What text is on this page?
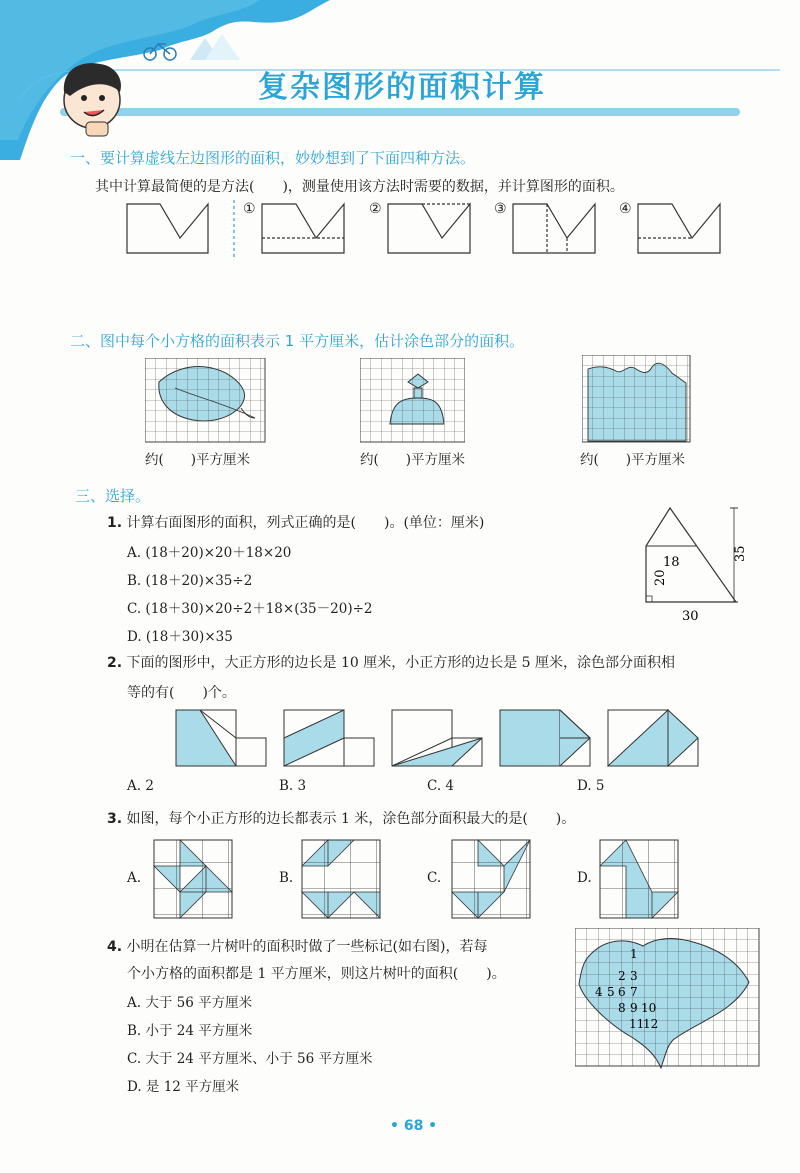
复杂图形的面积计算
一、要计算虚线左边图形的面积，妙妙想到了下面四种方法。
其中计算最简便的是方法(　　)，测量使用该方法时需要的数据，并计算图形的面积。
①	②	③	④
二、图中每个小方格的面积表示 1 平方厘米，估计涂色部分的面积。
约(　　)平方厘米	约(　　)平方厘米	约(　　)平方厘米
三、选择。
1. 计算右面图形的面积，列式正确的是(　　)。(单位：厘米)
A. (18＋20)×20＋18×20
B. (18＋20)×35÷2
C. (18＋30)×20÷2＋18×(35－20)÷2
D. (18＋30)×35
18
20
30
35
2. 下面的图形中，大正方形的边长是 10 厘米，小正方形的边长是 5 厘米，涂色部分面积相
等的有(　　)个。
A. 2	B. 3	C. 4	D. 5
3. 如图，每个小正方形的边长都表示 1 米，涂色部分面积最大的是(　　)。
A.	B.	C.	D.
4. 小明在估算一片树叶的面积时做了一些标记(如右图)，若每
个小方格的面积都是 1 平方厘米，则这片树叶的面积(　　)。
A. 大于 56 平方厘米
B. 小于 24 平方厘米
C. 大于 24 平方厘米、小于 56 平方厘米
D. 是 12 平方厘米
1
2 3
4 5 6 7
8 9 10
11
12
• 68 •
